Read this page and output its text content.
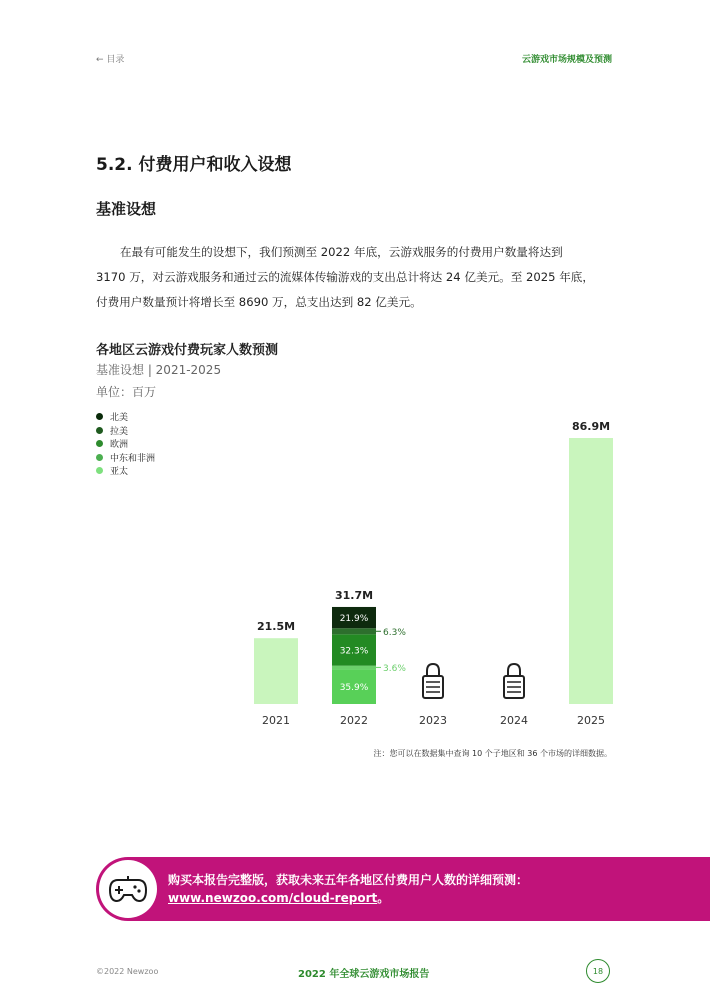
← 目录	云游戏市场规模及预测
5.2. 付费用户和收入设想
基准设想
在最有可能发生的设想下，我们预测至 2022 年底，云游戏服务的付费用户数量将达到
3170 万，对云游戏服务和通过云的流媒体传输游戏的支出总计将达 24 亿美元。至 2025 年底，
付费用户数量预计将增长至 8690 万，总支出达到 82 亿美元。
各地区云游戏付费玩家人数预测
基准设想 | 2021-2025
单位：百万
北美
拉美
欧洲
中东和非洲
亚太
2021
21.5M
2022
35.9%
3.6%
32.3%
6.3%
21.9%
31.7M
2023	2024	2025
86.9M
注：您可以在数据集中查询 10 个子地区和 36 个市场的详细数据。
购买本报告完整版，获取未来五年各地区付费用户人数的详细预测：
www.newzoo.com/cloud-report。
©2022 Newzoo	2022 年全球云游戏市场报告	18
